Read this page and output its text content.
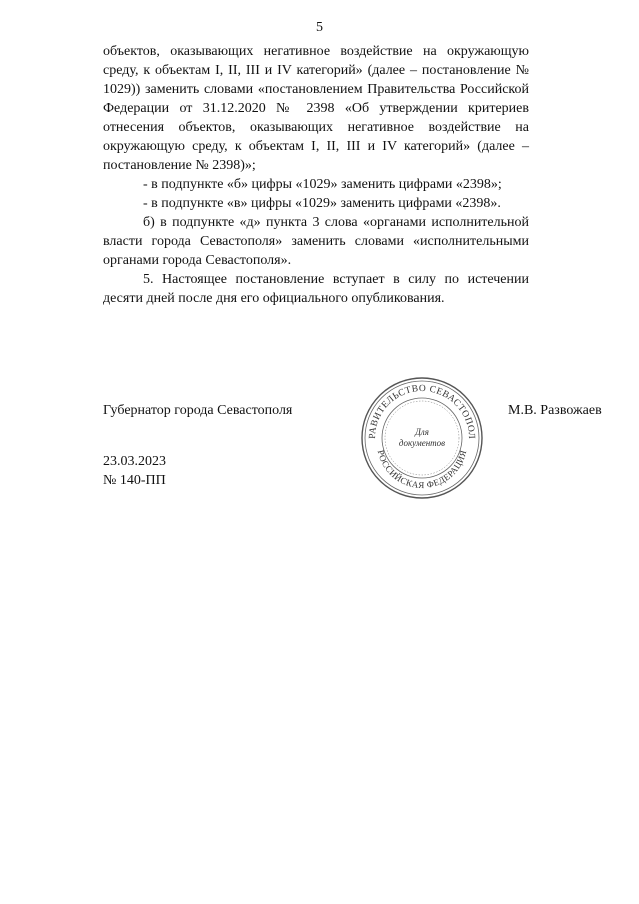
5

объектов, оказывающих негативное воздействие на окружающую среду, к объектам I, II, III и IV категорий» (далее – постановление № 1029)) заменить словами «постановлением Правительства Российской Федерации от 31.12.2020 № 2398 «Об утверждении критериев отнесения объектов, оказывающих негативное воздействие на окружающую среду, к объектам I, II, III и IV категорий» (далее – постановление № 2398)»;

- в подпункте «б» цифры «1029» заменить цифрами «2398»;

- в подпункте «в» цифры «1029» заменить цифрами «2398».

б) в подпункте «д» пункта 3 слова «органами исполнительной власти города Севастополя» заменить словами «исполнительными органами города Севастополя».

5. Настоящее постановление вступает в силу по истечении десяти дней после дня его официального опубликования.

Губернатор города Севастополя
РАВИТЕЛЬСТВО СЕВАСТОПОЛ
РОССИЙСКАЯ ФЕДЕРАЦИЯ
Для
документов
М.В. Развожаев
23.03.2023
№ 140-ПП
